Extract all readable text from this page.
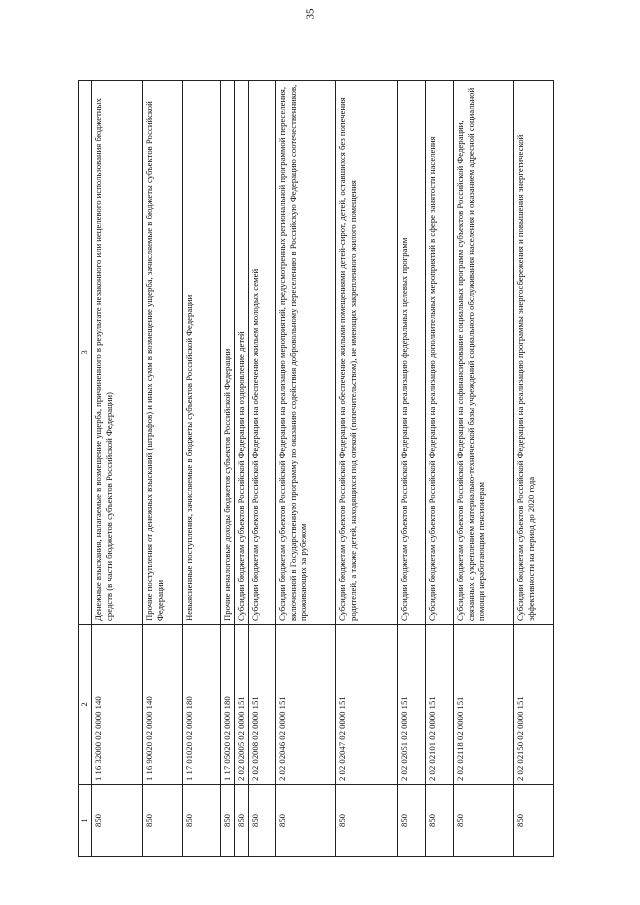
35
1	2	3
850	1 16 32000 02 0000 140	Денежные взыскания, налагаемые в возмещение ущерба, причиненного в результате незаконного или нецелевого использования бюджетных средств (в части бюджетов субъектов Российской Федерации)
850	1 16 90020 02 0000 140	Прочие поступления от денежных взысканий (штрафов) и иных сумм в возмещение ущерба, зачисляемые в бюджеты субъектов Российской Федерации
850	1 17 01020 02 0000 180	Невыясненные поступления, зачисляемые в бюджеты субъектов Российской Федерации
850	1 17 05020 02 0000 180	Прочие неналоговые доходы бюджетов субъектов Российской Федерации
850	2 02 02005 02 0000 151	Субсидии бюджетам субъектов Российской Федерации на оздоровление детей
850	2 02 02008 02 0000 151	Субсидии бюджетам субъектов Российской Федерации на обеспечение жильем молодых семей
850	2 02 02046 02 0000 151	Субсидии бюджетам субъектов Российской Федерации на реализацию мероприятий, предусмотренных региональной программой переселения, включенной в Государственную программу по оказанию содействия добровольному переселению в Российскую Федерацию соотечественников, проживающих за рубежом
850	2 02 02047 02 0000 151	Субсидии бюджетам субъектов Российской Федерации на обеспечение жилыми помещениями детей-сирот, детей, оставшихся без попечения родителей, а также детей, находящихся под опекой (попечительством), не имеющих закрепленного жилого помещения
850	2 02 02051 02 0000 151	Субсидии бюджетам субъектов Российской Федерации на реализацию федеральных целевых программ
850	2 02 02101 02 0000 151	Субсидии бюджетам субъектов Российской Федерации на реализацию дополнительных мероприятий в сфере занятости населения
850	2 02 02118 02 0000 151	Субсидии бюджетам субъектов Российской Федерации на софинансирование социальных программ субъектов Российской Федерации, связанных с укреплением материально-технической базы учреждений социального обслуживания населения и оказанием адресной социальной помощи неработающим пенсионерам
850	2 02 02150 02 0000 151	Субсидии бюджетам субъектов Российской Федерации на реализацию программы энергосбережения и повышения энергетической эффективности на период до 2020 года
